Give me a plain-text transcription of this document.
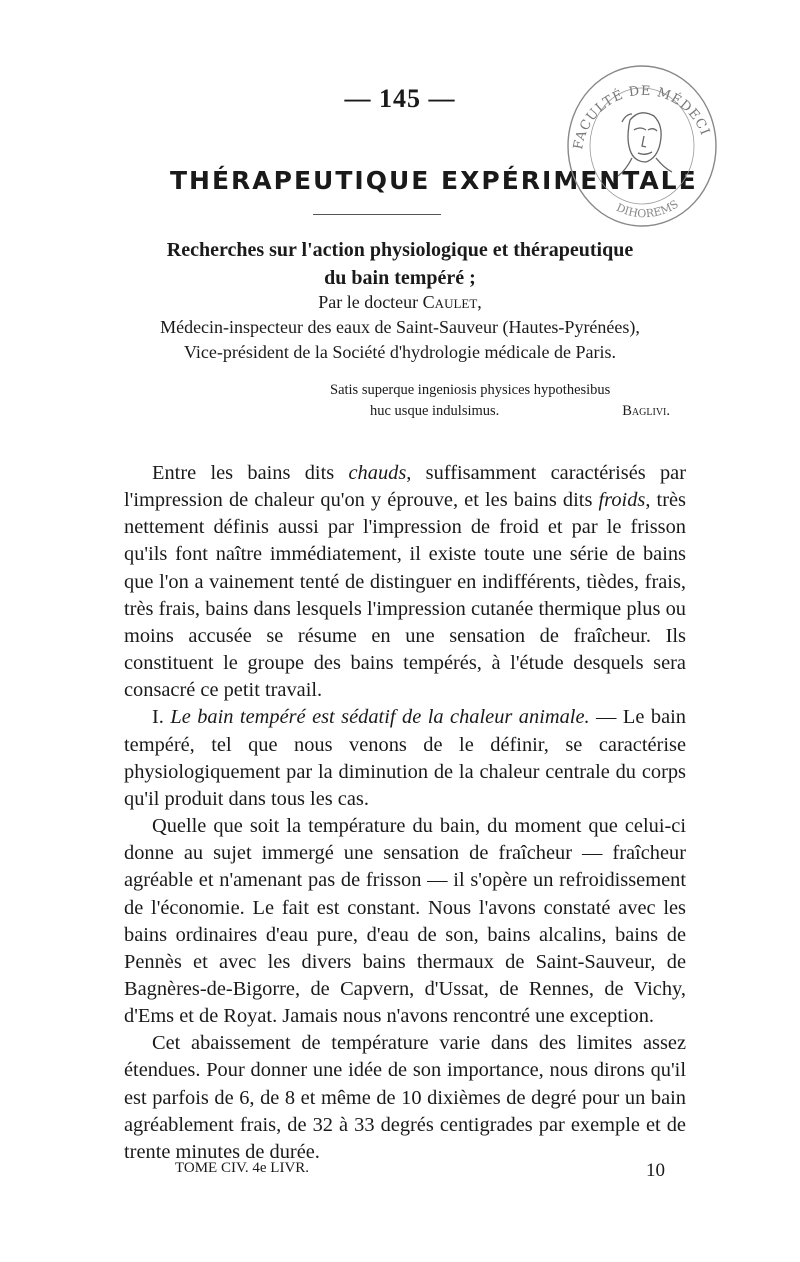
— 145 —
THÉRAPEUTIQUE EXPÉRIMENTALE
Recherches sur l'action physiologique et thérapeutique
du bain tempéré ;
Par le docteur Caulet,
Médecin-inspecteur des eaux de Saint-Sauveur (Hautes-Pyrénées),
Vice-président de la Société d'hydrologie médicale de Paris.
Satis superque ingeniosis physices hypothesibus
huc usque indulsimus.	Baglivi.

Entre les bains dits chauds, suffisamment caractérisés par l'impression de chaleur qu'on y éprouve, et les bains dits froids, très nettement définis aussi par l'impression de froid et par le frisson qu'ils font naître immédiatement, il existe toute une série de bains que l'on a vainement tenté de distinguer en indifférents, tièdes, frais, très frais, bains dans lesquels l'impression cutanée thermique plus ou moins accusée se résume en une sensation de fraîcheur. Ils constituent le groupe des bains tempérés, à l'étude desquels sera consacré ce petit travail.

I. Le bain tempéré est sédatif de la chaleur animale. — Le bain tempéré, tel que nous venons de le définir, se caractérise physiologiquement par la diminution de la chaleur centrale du corps qu'il produit dans tous les cas.

Quelle que soit la température du bain, du moment que celui-ci donne au sujet immergé une sensation de fraîcheur — fraîcheur agréable et n'amenant pas de frisson — il s'opère un refroidissement de l'économie. Le fait est constant. Nous l'avons constaté avec les bains ordinaires d'eau pure, d'eau de son, bains alcalins, bains de Pennès et avec les divers bains thermaux de Saint-Sauveur, de Bagnères-de-Bigorre, de Capvern, d'Ussat, de Rennes, de Vichy, d'Ems et de Royat. Jamais nous n'avons rencontré une exception.

Cet abaissement de température varie dans des limites assez étendues. Pour donner une idée de son importance, nous dirons qu'il est parfois de 6, de 8 et même de 10 dixièmes de degré pour un bain agréablement frais, de 32 à 33 degrés centigrades par exemple et de trente minutes de durée.

TOME CIV. 4e LIVR.	10
FACULTÉ DE MÉDECI
DIHOREMS
